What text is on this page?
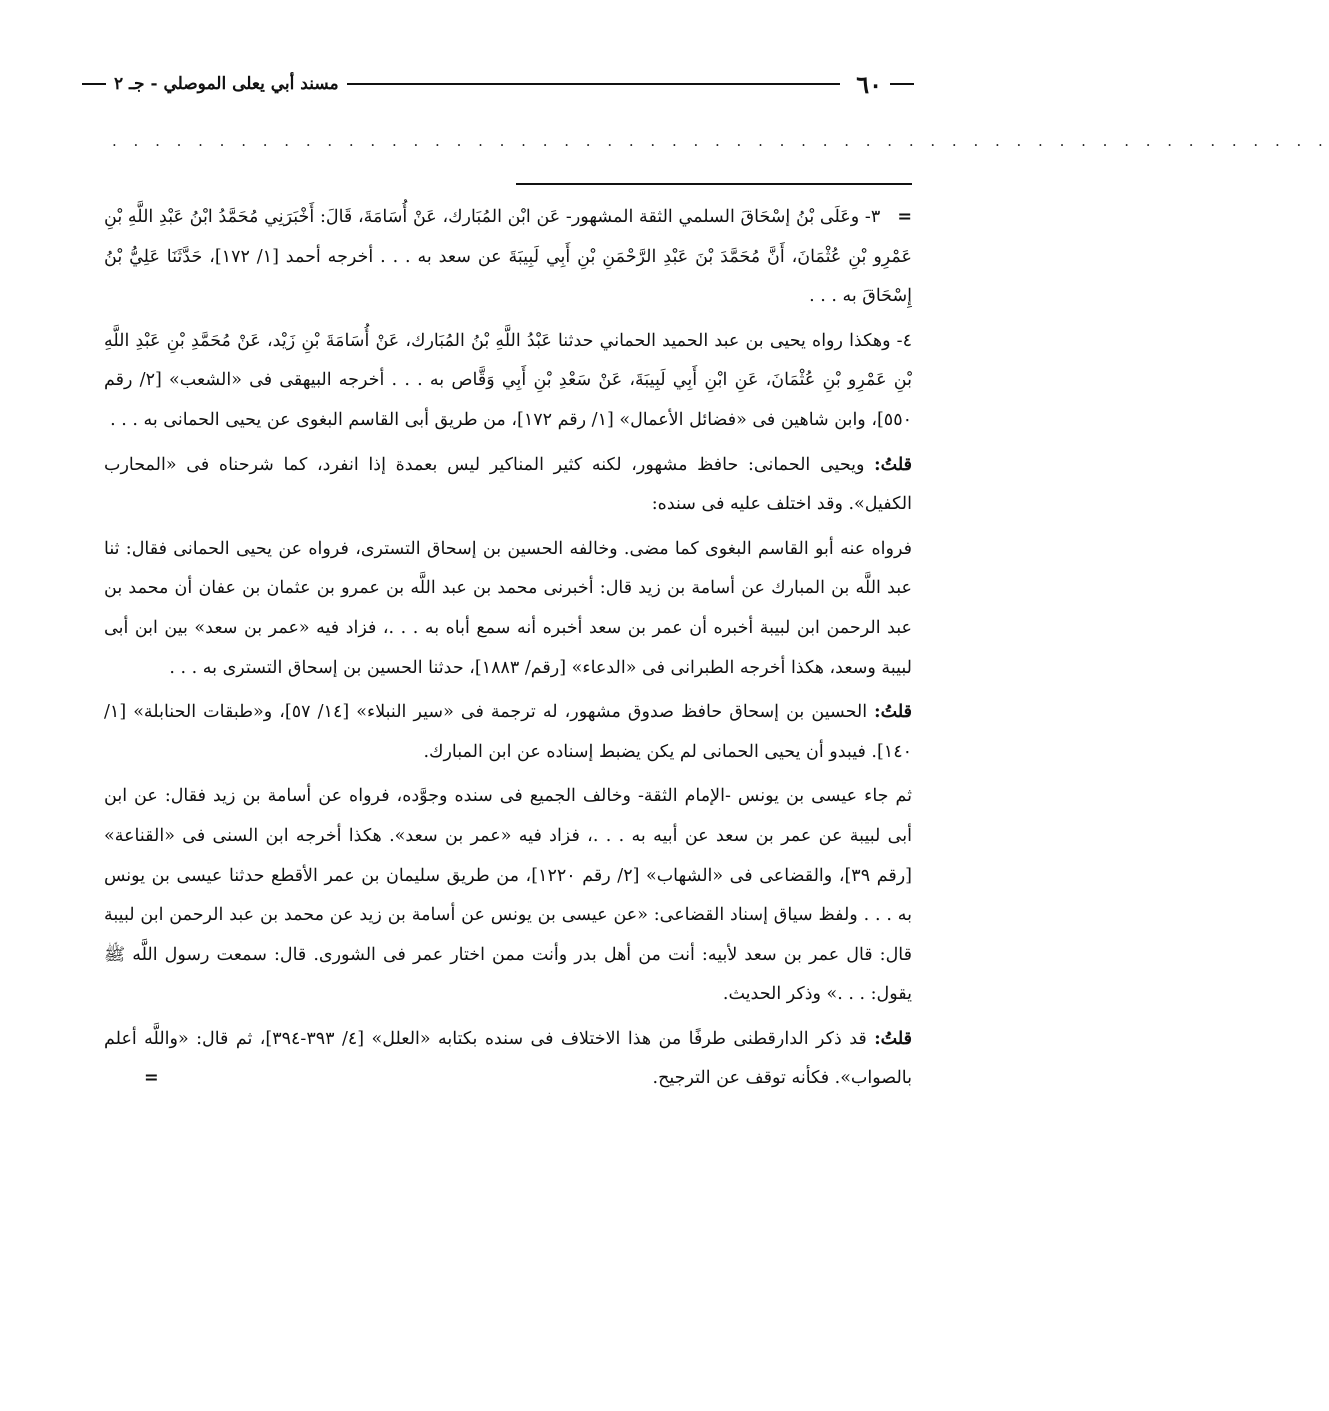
٦٠
مسند أبي يعلى الموصلي - جـ ٢
. . . . . . . . . . . . . . . . . . . . . . . . . . . . . . . . . . . . . . . . . . . . . . . . . . . . . . . . .

= ٣- وعَلَى بْنُ إسْحَاقَ السلمي الثقة المشهور- عَن ابْن المُبَارك، عَنْ أُسَامَةَ، قَالَ: أَخْبَرَنِي مُحَمَّدُ ابْنُ عَبْدِ اللَّهِ بْنِ عَمْرِو بْنِ عُثْمَانَ، أَنَّ مُحَمَّدَ بْنَ عَبْدِ الرَّحْمَنِ بْنِ أَبِي لَبِيبَةَ عن سعد به . . . أخرجه أحمد [١/ ١٧٢]، حَدَّثَنَا عَلِيُّ بْنُ إِسْحَاقَ به . . .

٤- وهكذا رواه يحيى بن عبد الحميد الحماني حدثنا عَبْدُ اللَّهِ بْنُ المُبَارك، عَنْ أُسَامَةَ بْنِ زَيْد، عَنْ مُحَمَّدِ بْنِ عَبْدِ اللَّهِ بْنِ عَمْرِو بْنِ عُثْمَانَ، عَنِ ابْنِ أَبِي لَبِيبَةَ، عَنْ سَعْدِ بْنِ أَبِي وَقَّاص به . . . أخرجه البيهقى فى «الشعب» [٢/ رقم ٥٥٠]، وابن شاهين فى «فضائل الأعمال» [١/ رقم ١٧٢]، من طريق أبى القاسم البغوى عن يحيى الحمانى به . . .

قلتُ: ويحيى الحمانى: حافظ مشهور، لكنه كثير المناكير ليس بعمدة إذا انفرد، كما شرحناه فى «المحارب الكفيل». وقد اختلف عليه فى سنده:

فرواه عنه أبو القاسم البغوى كما مضى. وخالفه الحسين بن إسحاق التسترى، فرواه عن يحيى الحمانى فقال: ثنا عبد اللَّه بن المبارك عن أسامة بن زيد قال: أخبرنى محمد بن عبد اللَّه بن عمرو بن عثمان بن عفان أن محمد بن عبد الرحمن ابن لبيبة أخبره أن عمر بن سعد أخبره أنه سمع أباه به . . .، فزاد فيه «عمر بن سعد» بين ابن أبى لبيبة وسعد، هكذا أخرجه الطبرانى فى «الدعاء» [رقم/ ١٨٨٣]، حدثنا الحسين بن إسحاق التسترى به . . .

قلتُ: الحسين بن إسحاق حافظ صدوق مشهور، له ترجمة فى «سير النبلاء» [١٤/ ٥٧]، و«طبقات الحنابلة» [١/ ١٤٠]. فيبدو أن يحيى الحمانى لم يكن يضبط إسناده عن ابن المبارك.

ثم جاء عيسى بن يونس -الإمام الثقة- وخالف الجميع فى سنده وجوَّده، فرواه عن أسامة بن زيد فقال: عن ابن أبى لبيبة عن عمر بن سعد عن أبيه به . . .، فزاد فيه «عمر بن سعد». هكذا أخرجه ابن السنى فى «القناعة» [رقم ٣٩]، والقضاعى فى «الشهاب» [٢/ رقم ١٢٢٠]، من طريق سليمان بن عمر الأقطع حدثنا عيسى بن يونس به . . . ولفظ سياق إسناد القضاعى: «عن عيسى بن يونس عن أسامة بن زيد عن محمد بن عبد الرحمن ابن لبيبة قال: قال عمر بن سعد لأبيه: أنت من أهل بدر وأنت ممن اختار عمر فى الشورى. قال: سمعت رسول اللَّه ﷺ يقول: . . .» وذكر الحديث.

قلتُ: قد ذكر الدارقطنى طرفًا من هذا الاختلاف فى سنده بكتابه «العلل» [٤/ ٣٩٣-٣٩٤]، ثم قال: «واللَّه أعلم بالصواب». فكأنه توقف عن الترجيح.
=
